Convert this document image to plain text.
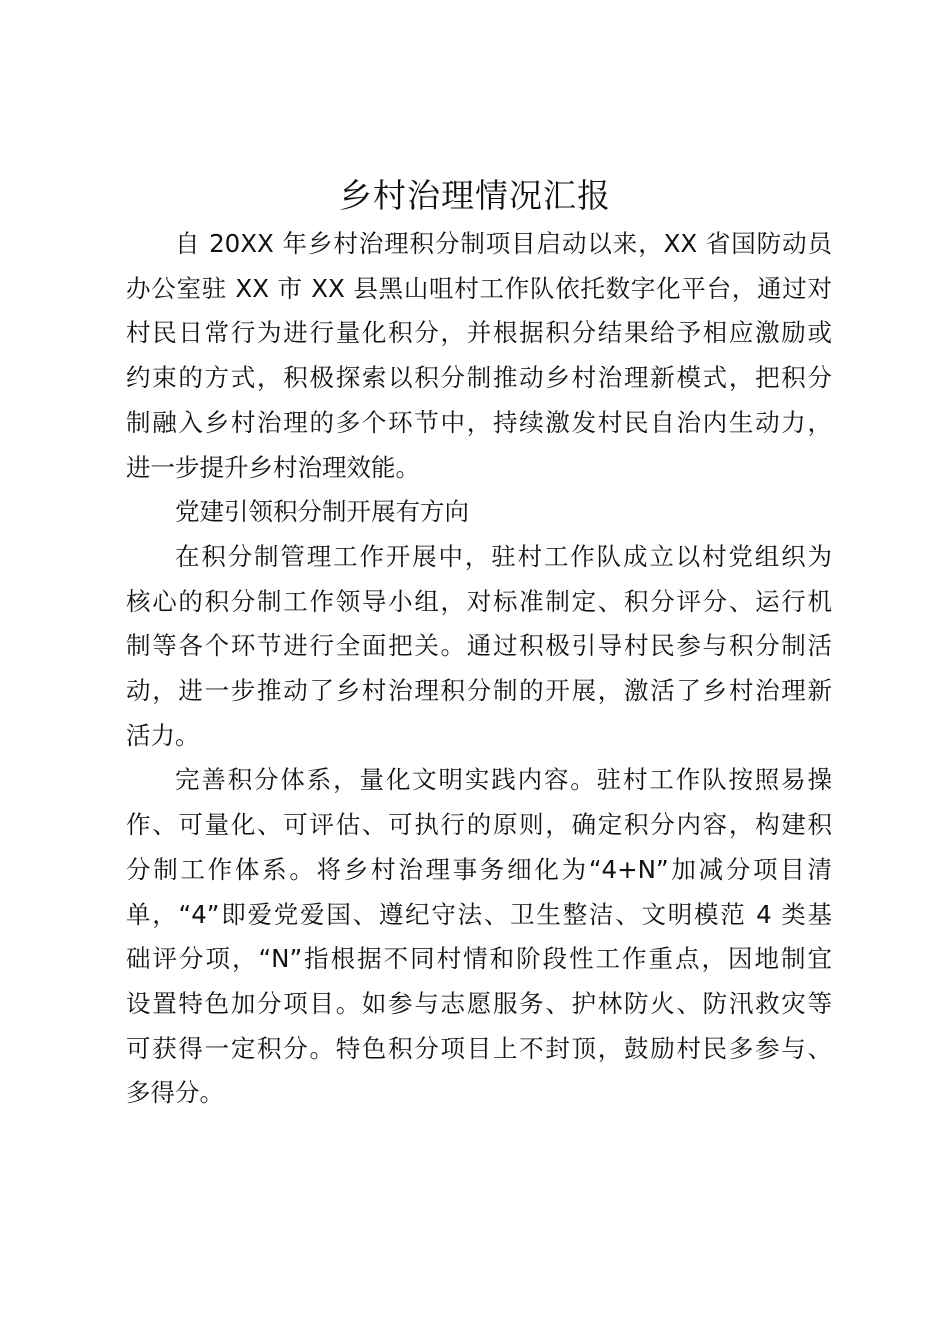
乡村治理情况汇报
自 20XX 年乡村治理积分制项目启动以来，XX 省国防动员
办公室驻 XX 市 XX 县黑山咀村工作队依托数字化平台，通过对
村民日常行为进行量化积分，并根据积分结果给予相应激励或
约束的方式，积极探索以积分制推动乡村治理新模式，把积分
制融入乡村治理的多个环节中，持续激发村民自治内生动力，
进一步提升乡村治理效能。
党建引领积分制开展有方向
在积分制管理工作开展中，驻村工作队成立以村党组织为
核心的积分制工作领导小组，对标准制定、积分评分、运行机
制等各个环节进行全面把关。通过积极引导村民参与积分制活
动，进一步推动了乡村治理积分制的开展，激活了乡村治理新
活力。
完善积分体系，量化文明实践内容。驻村工作队按照易操
作、可量化、可评估、可执行的原则，确定积分内容，构建积
分制工作体系。将乡村治理事务细化为“4+N”加减分项目清
单，“4”即爱党爱国、遵纪守法、卫生整洁、文明模范 4 类基
础评分项，“N”指根据不同村情和阶段性工作重点，因地制宜
设置特色加分项目。如参与志愿服务、护林防火、防汛救灾等
可获得一定积分。特色积分项目上不封顶，鼓励村民多参与、
多得分。
